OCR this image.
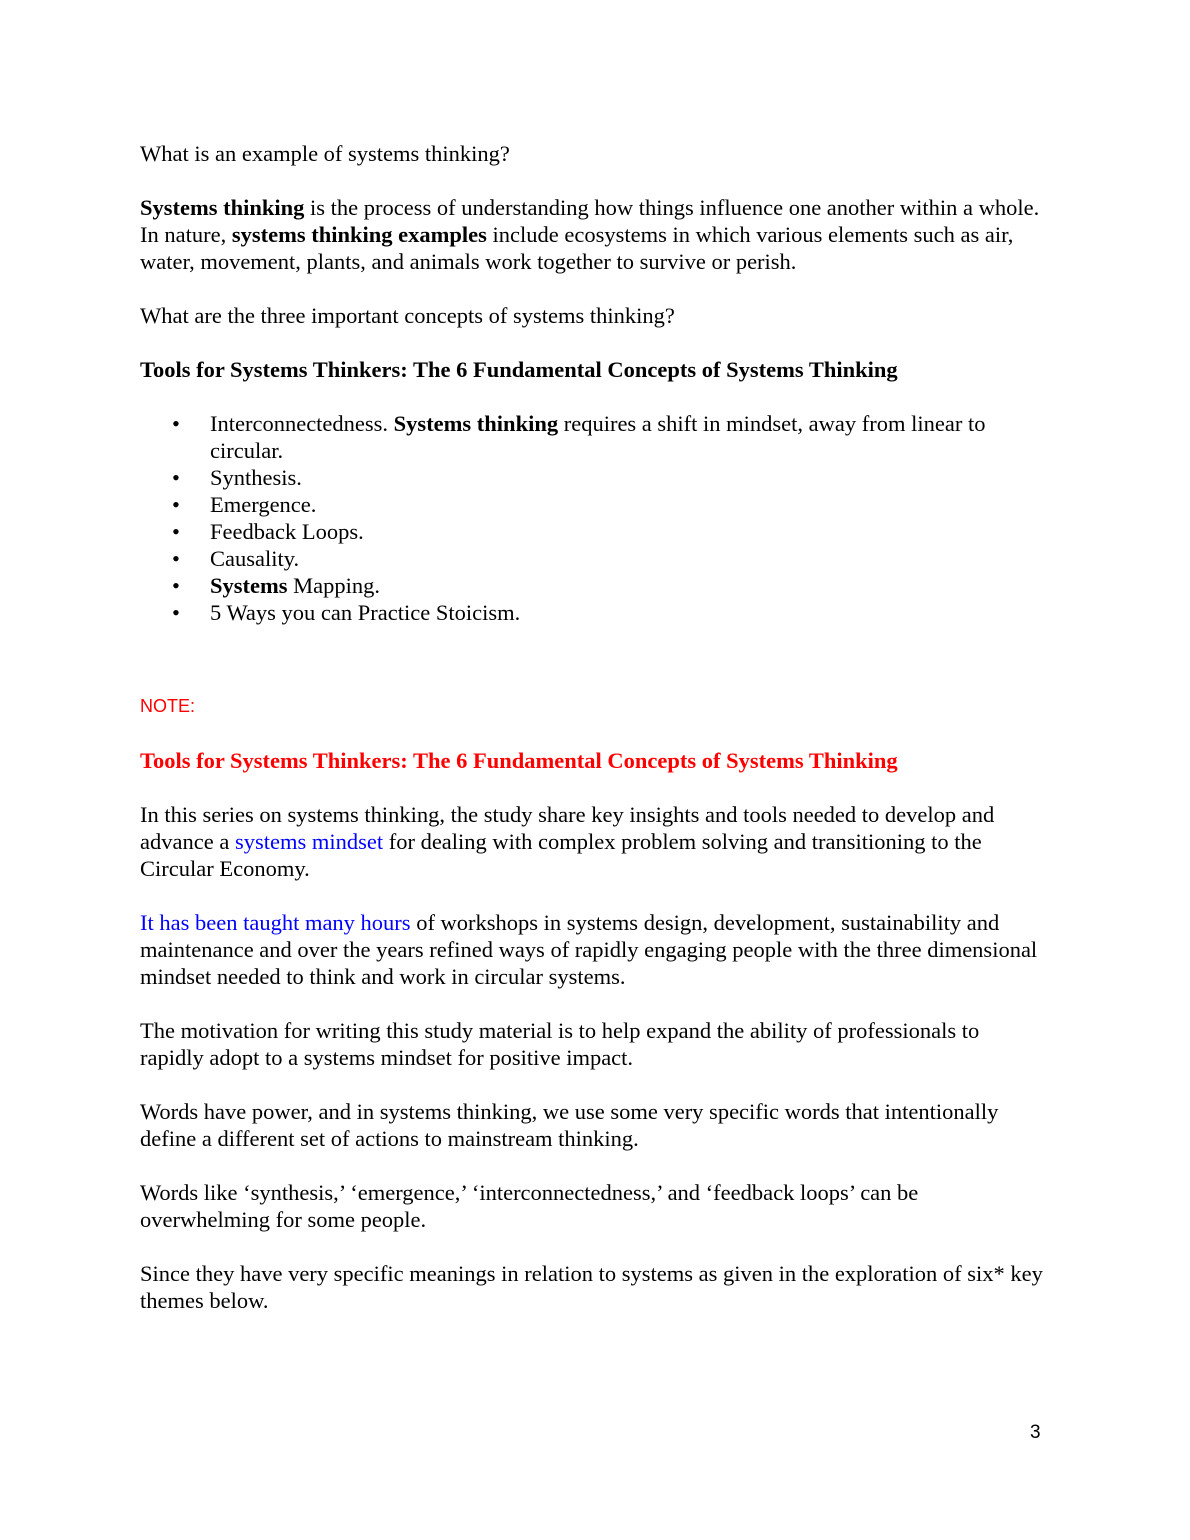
What is an example of systems thinking?

Systems thinking is the process of understanding how things influence one another within a whole. In nature, systems thinking examples include ecosystems in which various elements such as air, water, movement, plants, and animals work together to survive or perish.

What are the three important concepts of systems thinking?

Tools for Systems Thinkers: The 6 Fundamental Concepts of Systems Thinking

• Interconnectedness. Systems thinking requires a shift in mindset, away from linear to circular.
• Synthesis.
• Emergence.
• Feedback Loops.
• Causality.
• Systems Mapping.
• 5 Ways you can Practice Stoicism.

NOTE:

Tools for Systems Thinkers: The 6 Fundamental Concepts of Systems Thinking

In this series on systems thinking, the study share key insights and tools needed to develop and advance a systems mindset for dealing with complex problem solving and transitioning to the Circular Economy.

It has been taught many hours of workshops in systems design, development, sustainability and maintenance and over the years refined ways of rapidly engaging people with the three dimensional mindset needed to think and work in circular systems.

The motivation for writing this study material is to help expand the ability of professionals to rapidly adopt to a systems mindset for positive impact.

Words have power, and in systems thinking, we use some very specific words that intentionally define a different set of actions to mainstream thinking.

Words like ‘synthesis,’ ‘emergence,’ ‘interconnectedness,’ and ‘feedback loops’ can be overwhelming for some people.

Since they have very specific meanings in relation to systems as given in the exploration of six* key themes below.

3
